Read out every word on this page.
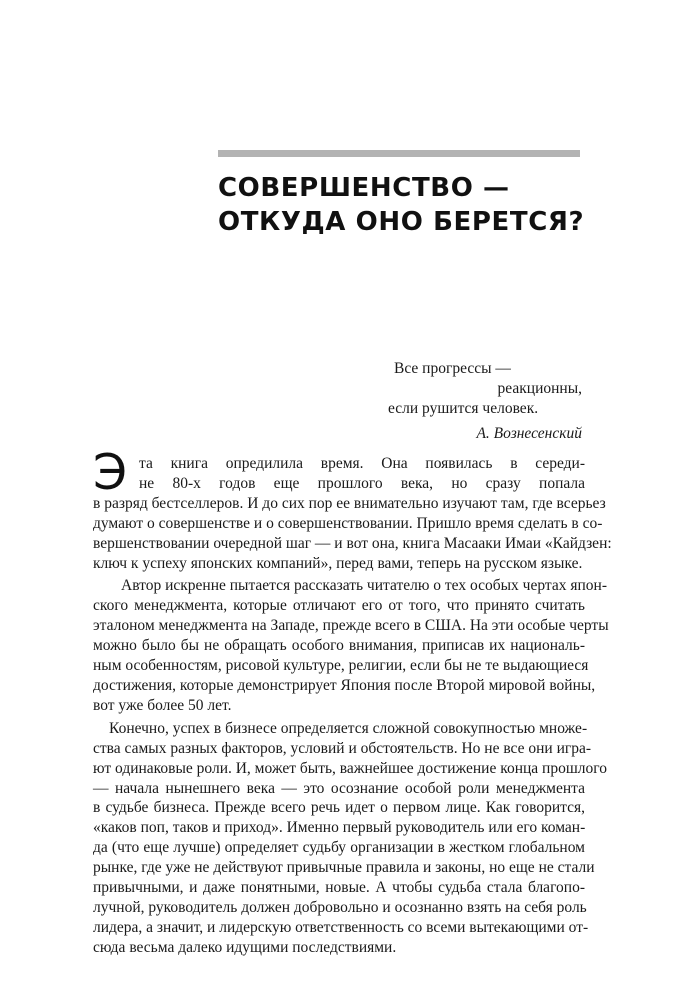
СОВЕРШЕНСТВО —
ОТКУДА ОНО БЕРЕТСЯ?
Все прогрессы —
реакционны,
если рушится человек.
А. Вознесенский
Э та книга опредилила время. Она появилась в середи-
не 80-х годов еще прошлого века, но сразу попала
в разряд бестселлеров. И до сих пор ее внимательно изучают там, где всерьез
думают о совершенстве и о совершенствовании. Пришло время сделать в со-
вершенствовании очередной шаг — и вот она, книга Масааки Имаи «Кайдзен:
ключ к успеху японских компаний», перед вами, теперь на русском языке.

Автор искренне пытается рассказать читателю о тех особых чертах япон-
ского менеджмента, которые отличают его от того, что принято считать
эталоном менеджмента на Западе, прежде всего в США. На эти особые черты
можно было бы не обращать особого внимания, приписав их националь-
ным особенностям, рисовой культуре, религии, если бы не те выдающиеся
достижения, которые демонстрирует Япония после Второй мировой войны,
вот уже более 50 лет.

Конечно, успех в бизнесе определяется сложной совокупностью множе-
ства самых разных факторов, условий и обстоятельств. Но не все они игра-
ют одинаковые роли. И, может быть, важнейшее достижение конца прошлого
— начала нынешнего века — это осознание особой роли менеджмента
в судьбе бизнеса. Прежде всего речь идет о первом лице. Как говорится,
«каков поп, таков и приход». Именно первый руководитель или его коман-
да (что еще лучше) определяет судьбу организации в жестком глобальном
рынке, где уже не действуют привычные правила и законы, но еще не стали
привычными, и даже понятными, новые. А чтобы судьба стала благопо-
лучной, руководитель должен добровольно и осознанно взять на себя роль
лидера, а значит, и лидерскую ответственность со всеми вытекающими от-
сюда весьма далеко идущими последствиями.
